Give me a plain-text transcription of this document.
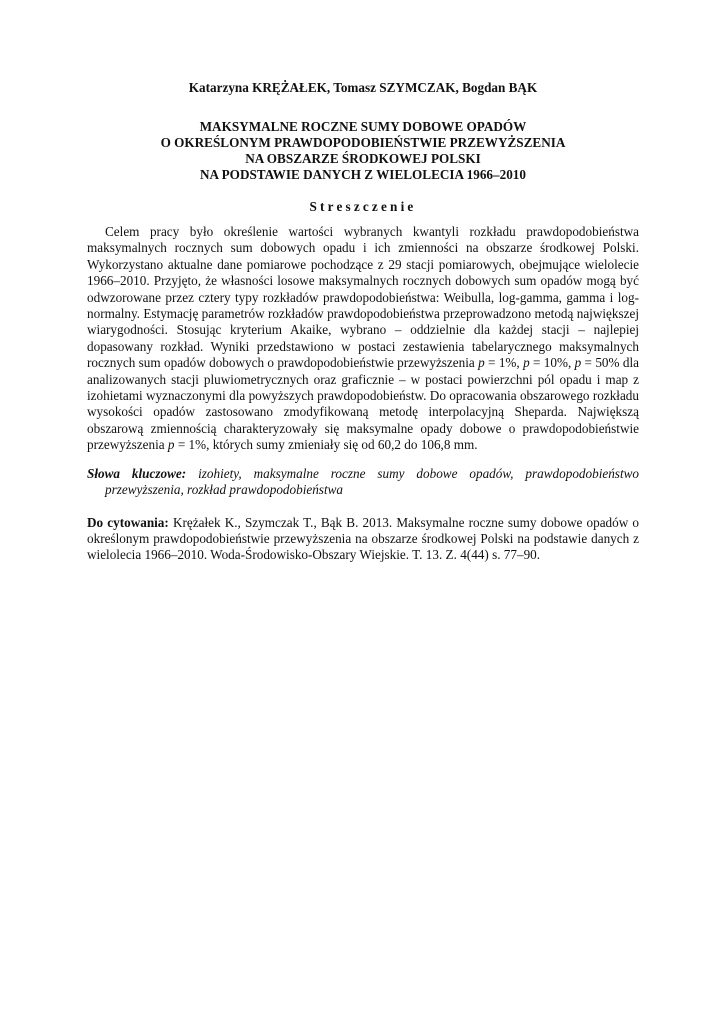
Katarzyna KRĘŻAŁEK, Tomasz SZYMCZAK, Bogdan BĄK

MAKSYMALNE ROCZNE SUMY DOBOWE OPADÓW
O OKREŚLONYM PRAWDOPODOBIEŃSTWIE PRZEWYŻSZENIA
NA OBSZARZE ŚRODKOWEJ POLSKI
NA PODSTAWIE DANYCH Z WIELOLECIA 1966–2010
Streszczenie
Celem pracy było określenie wartości wybranych kwantyli rozkładu prawdopodobieństwa maksymalnych rocznych sum dobowych opadu i ich zmienności na obszarze środkowej Polski. Wykorzystano aktualne dane pomiarowe pochodzące z 29 stacji pomiarowych, obejmujące wielolecie 1966–2010. Przyjęto, że własności losowe maksymalnych rocznych dobowych sum opadów mogą być odwzorowane przez cztery typy rozkładów prawdopodobieństwa: Weibulla, log-gamma, gamma i log-normalny. Estymację parametrów rozkładów prawdopodobieństwa przeprowadzono metodą największej wiarygodności. Stosując kryterium Akaike, wybrano – oddzielnie dla każdej stacji – najlepiej dopasowany rozkład. Wyniki przedstawiono w postaci zestawienia tabelarycznego maksymalnych rocznych sum opadów dobowych o prawdopodobieństwie przewyższenia p = 1%, p = 10%, p = 50% dla analizowanych stacji pluwiometrycznych oraz graficznie – w postaci powierzchni pól opadu i map z izohietami wyznaczonymi dla powyższych prawdopodobieństw. Do opracowania obszarowego rozkładu wysokości opadów zastosowano zmodyfikowaną metodę interpolacyjną Sheparda. Największą obszarową zmiennością charakteryzowały się maksymalne opady dobowe o prawdopodobieństwie przewyższenia p = 1%, których sumy zmieniały się od 60,2 do 106,8 mm.
Słowa kluczowe: izohiety, maksymalne roczne sumy dobowe opadów, prawdopodobieństwo przewyższenia, rozkład prawdopodobieństwa
Do cytowania: Krężałek K., Szymczak T., Bąk B. 2013. Maksymalne roczne sumy dobowe opadów o określonym prawdopodobieństwie przewyższenia na obszarze środkowej Polski na podstawie danych z wielolecia 1966–2010. Woda-Środowisko-Obszary Wiejskie. T. 13. Z. 4(44) s. 77–90.
